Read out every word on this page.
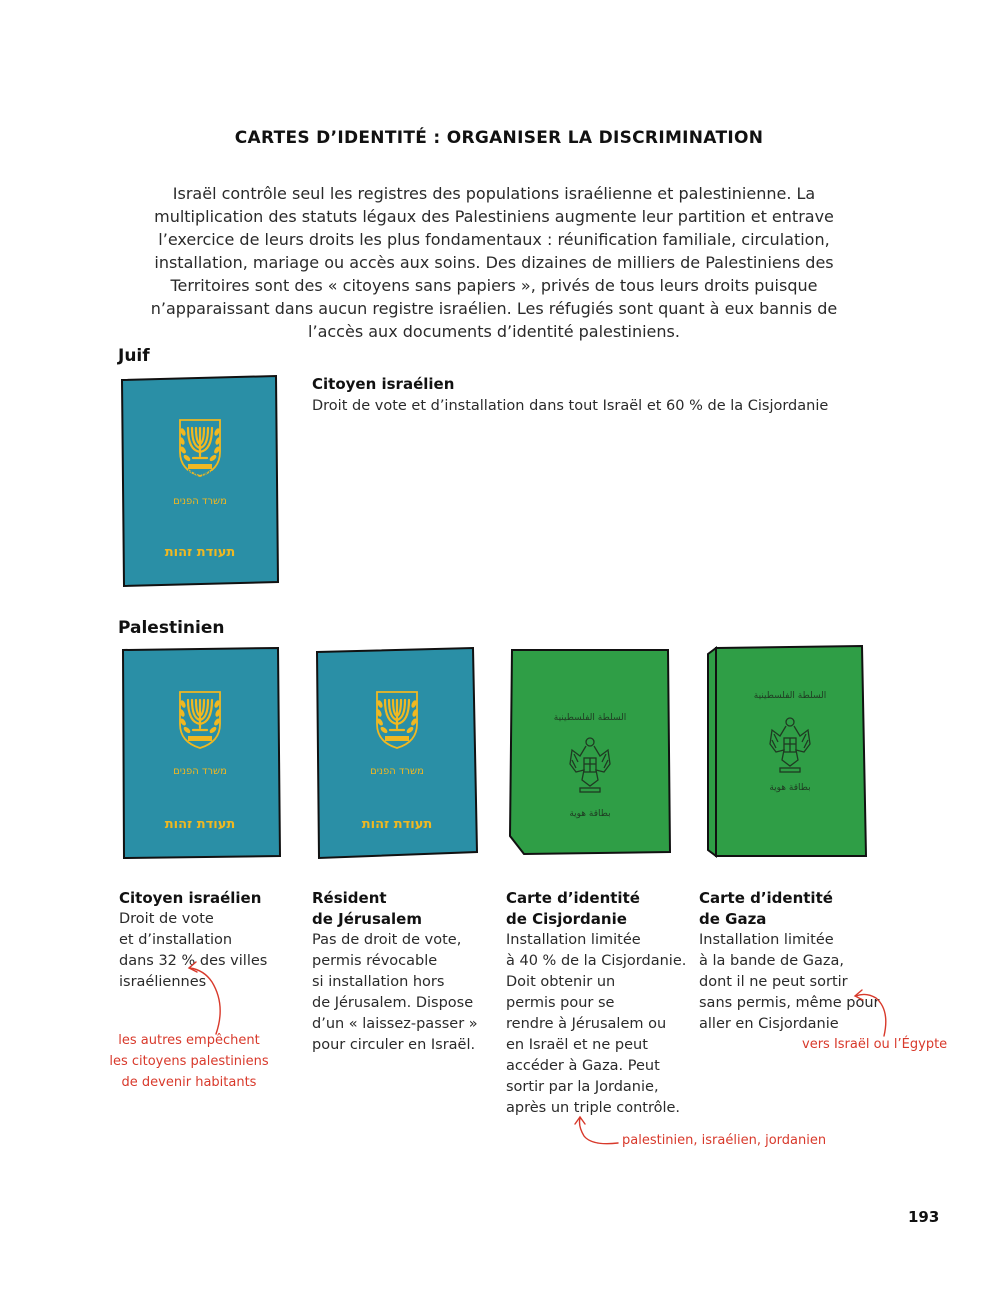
CARTES D’IDENTITÉ : ORGANISER LA DISCRIMINATION
Israël contrôle seul les registres des populations israélienne et palestinienne. La multiplication des statuts légaux des Palestiniens augmente leur partition et entrave l’exercice de leurs droits les plus fondamentaux : réunification familiale, circulation, installation, mariage ou accès aux soins. Des dizaines de milliers de Palestiniens des Territoires sont des « citoyens sans papiers », privés de tous leurs droits puisque n’apparaissant dans aucun registre israélien. Les réfugiés sont quant à eux bannis de l’accès aux documents d’identité palestiniens.
Juif
ישראל
משרד הפנים
תעודת זהות
Citoyen israélien
Droit de vote et d’installation dans tout Israël et 60 % de la Cisjordanie
Palestinien
משרד הפנים
תעודת זהות
משרד הפנים
תעודת זהות
السلطة الفلسطينية
بطاقة هوية
السلطة الفلسطينية
بطاقة هوية
Citoyen israélien
Droit de vote
et d’installation
dans 32 % des villes
israéliennes
les autres empêchent
les citoyens palestiniens
de devenir habitants
Résident
de Jérusalem
Pas de droit de vote,
permis révocable
si installation hors
de Jérusalem. Dispose
d’un « laissez-passer »
pour circuler en Israël.
Carte d’identité
de Cisjordanie
Installation limitée
à 40 % de la Cisjordanie.
Doit obtenir un
permis pour se
rendre à Jérusalem ou
en Israël et ne peut
accéder à Gaza. Peut
sortir par la Jordanie,
après un triple contrôle.
palestinien, israélien, jordanien
Carte d’identité
de Gaza
Installation limitée
à la bande de Gaza,
dont il ne peut sortir
sans permis, même pour
aller en Cisjordanie
vers Israël ou l’Égypte
193
